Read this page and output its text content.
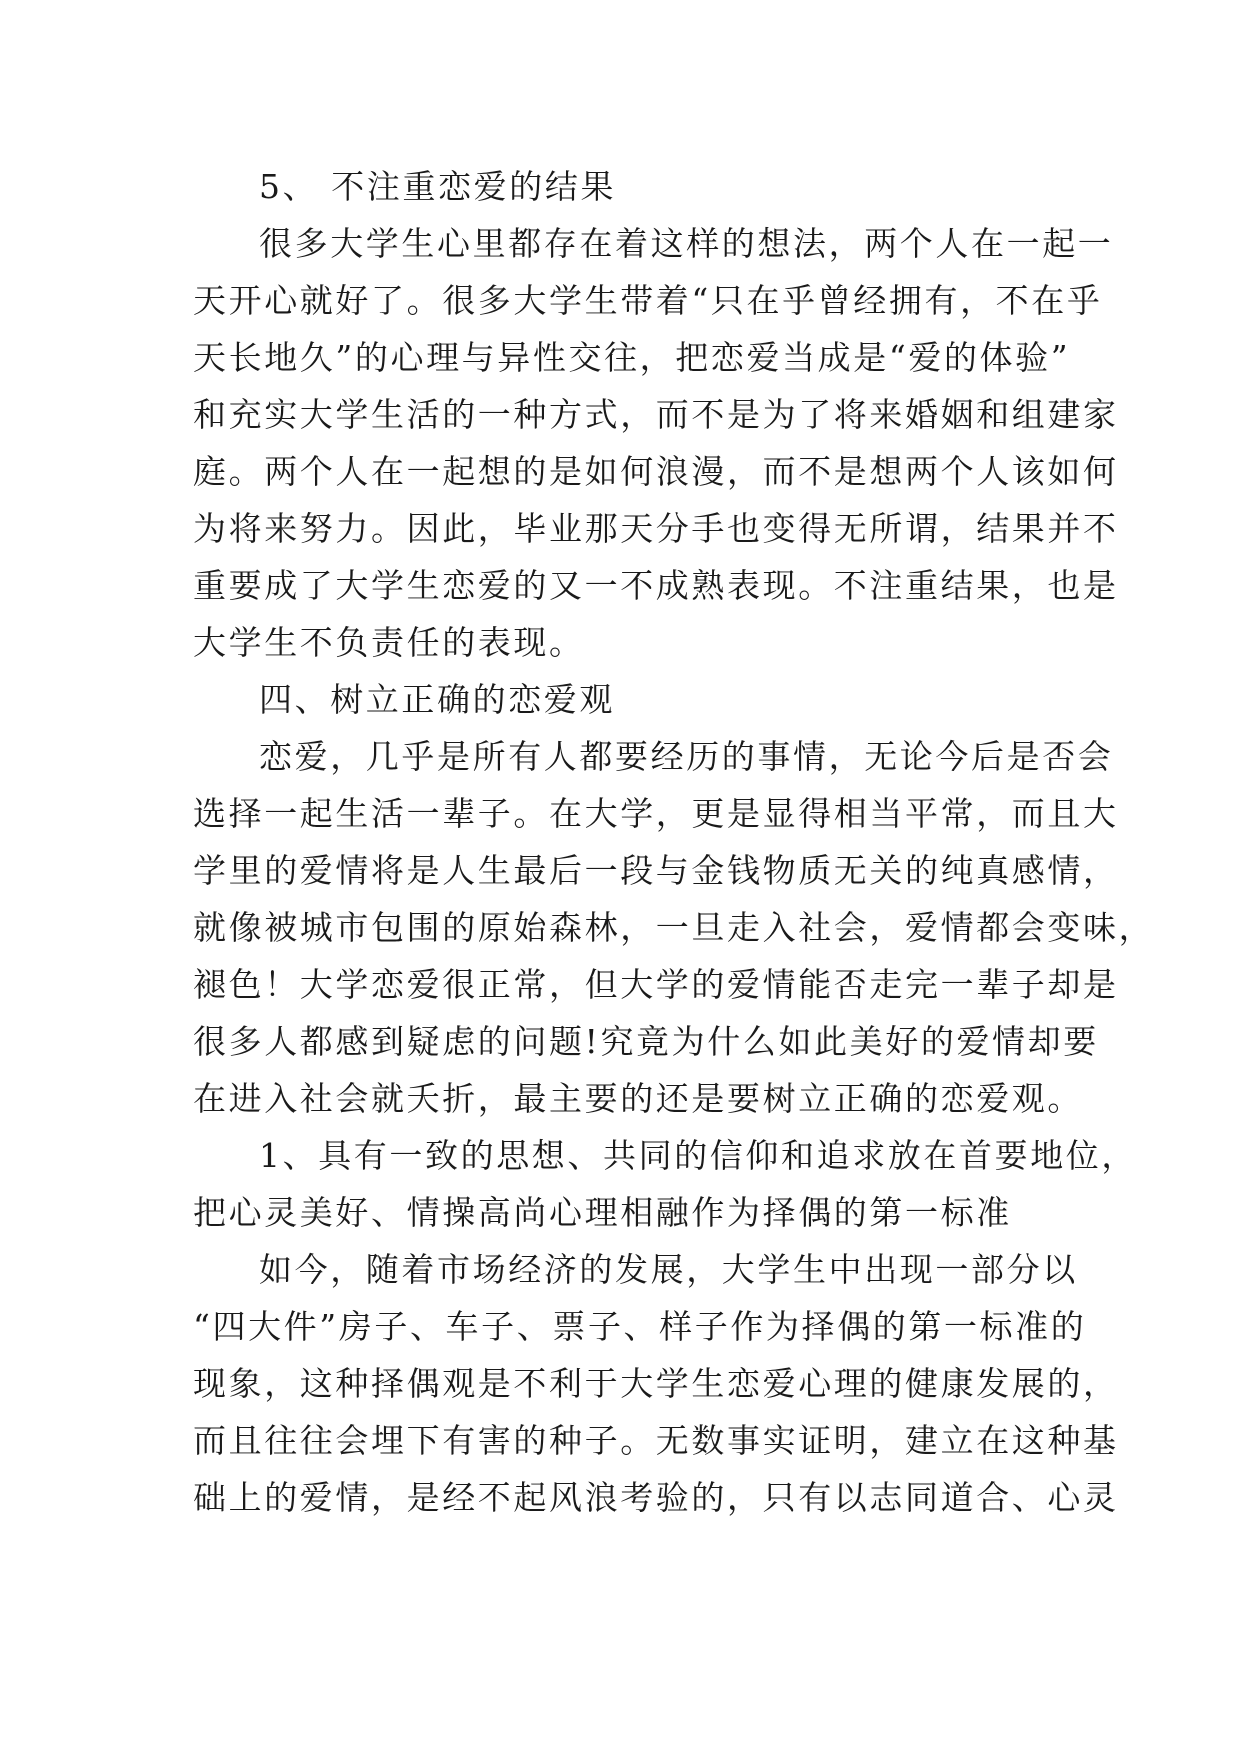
5、 不注重恋爱的结果
很多大学生心里都存在着这样的想法，两个人在一起一
天开心就好了。很多大学生带着“只在乎曾经拥有，不在乎
天长地久”的心理与异性交往，把恋爱当成是“爱的体验”
和充实大学生活的一种方式，而不是为了将来婚姻和组建家
庭。两个人在一起想的是如何浪漫，而不是想两个人该如何
为将来努力。因此，毕业那天分手也变得无所谓，结果并不
重要成了大学生恋爱的又一不成熟表现。不注重结果，也是
大学生不负责任的表现。
四、树立正确的恋爱观
恋爱，几乎是所有人都要经历的事情，无论今后是否会
选择一起生活一辈子。在大学，更是显得相当平常，而且大
学里的爱情将是人生最后一段与金钱物质无关的纯真感情，
就像被城市包围的原始森林，一旦走入社会，爱情都会变味，
褪色！大学恋爱很正常，但大学的爱情能否走完一辈子却是
很多人都感到疑虑的问题!究竟为什么如此美好的爱情却要
在进入社会就夭折，最主要的还是要树立正确的恋爱观。
1、具有一致的思想、共同的信仰和追求放在首要地位，
把心灵美好、情操高尚心理相融作为择偶的第一标准
如今，随着市场经济的发展，大学生中出现一部分以
“四大件”房子、车子、票子、样子作为择偶的第一标准的
现象，这种择偶观是不利于大学生恋爱心理的健康发展的，
而且往往会埋下有害的种子。无数事实证明，建立在这种基
础上的爱情，是经不起风浪考验的，只有以志同道合、心灵
